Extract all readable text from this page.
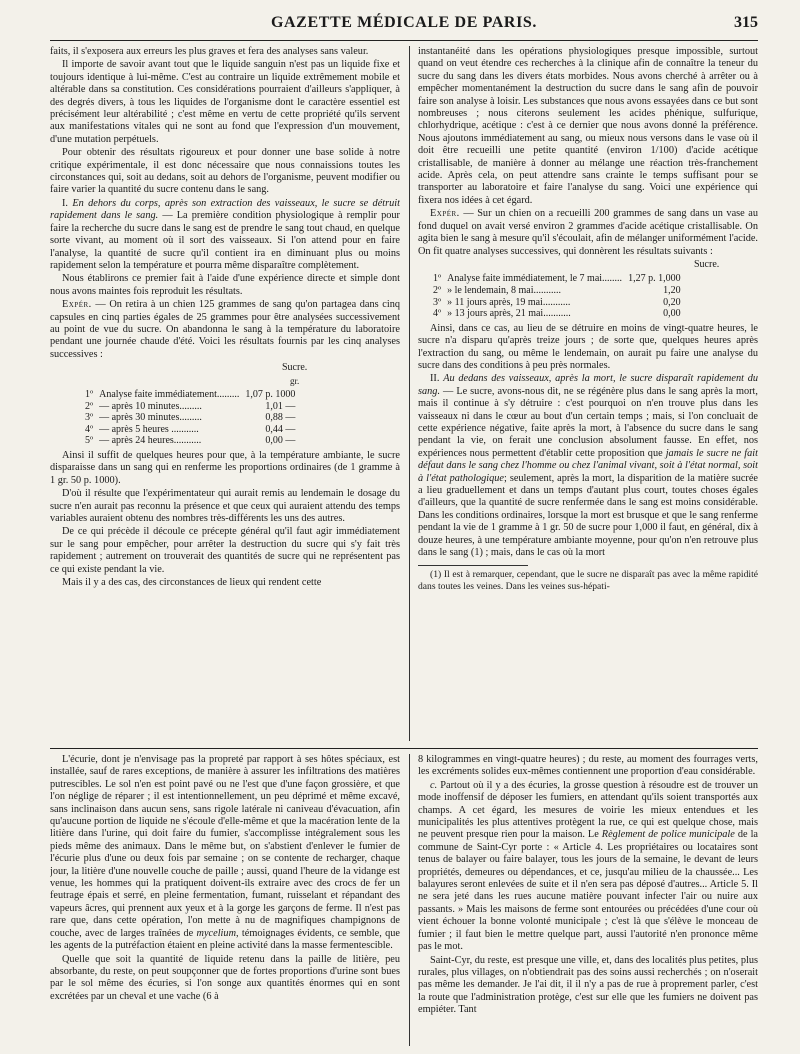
GAZETTE MÉDICALE DE PARIS.	315

faits, il s'exposera aux erreurs les plus graves et fera des analyses sans valeur.

Il importe de savoir avant tout que le liquide sanguin n'est pas un liquide fixe et toujours identique à lui-même. C'est au contraire un liquide extrêmement mobile et altérable dans sa constitution. Ces considérations pourraient d'ailleurs s'appliquer, à des degrés divers, à tous les liquides de l'organisme dont le caractère essentiel est précisément leur altérabilité ; c'est même en vertu de cette propriété qu'ils servent aux manifestations vitales qui ne sont au fond que l'expression d'un mouvement, d'une mutation perpétuels.

Pour obtenir des résultats rigoureux et pour donner une base solide à notre critique expérimentale, il est donc nécessaire que nous connaissions toutes les circonstances qui, soit au dedans, soit au dehors de l'organisme, peuvent modifier ou faire varier la quantité du sucre contenu dans le sang.

I. En dehors du corps, après son extraction des vaisseaux, le sucre se détruit rapidement dans le sang. — La première condition physiologique à remplir pour faire la recherche du sucre dans le sang est de prendre le sang tout chaud, en quelque sorte vivant, au moment où il sort des vaisseaux. Si l'on attend pour en faire l'analyse, la quantité de sucre qu'il contient ira en diminuant plus ou moins rapidement selon la température et pourra même disparaître complètement.

Nous établirons ce premier fait à l'aide d'une expérience directe et simple dont nous avons maintes fois reproduit les résultats.

Expér. — On retira à un chien 125 grammes de sang qu'on partagea dans cinq capsules en cinq parties égales de 25 grammes pour être analysées successivement au point de vue du sucre. On abandonna le sang à la température du laboratoire pendant une journée chaude d'été. Voici les résultats fournis par les cinq analyses successives :

Sucre.
gr.
1º	Analyse faite immédiatement.........	1,07 p. 1000
2º	— après 10 minutes.........	1,01 —
3º	— après 30 minutes.........	0,88 —
4º	— après 5 heures ...........	0,44 —
5º	— après 24 heures...........	0,00 —

Ainsi il suffit de quelques heures pour que, à la température ambiante, le sucre disparaisse dans un sang qui en renferme les proportions ordinaires (de 1 gramme à 1 gr. 50 p. 1000).

D'où il résulte que l'expérimentateur qui aurait remis au lendemain le dosage du sucre n'en aurait pas reconnu la présence et que ceux qui auraient attendu des temps variables auraient obtenu des nombres très-différents les uns des autres.

De ce qui précède il découle ce précepte général qu'il faut agir immédiatement sur le sang pour empêcher, pour arrêter la destruction du sucre qui s'y fait très rapidement ; autrement on trouverait des quantités de sucre qui ne représentent pas ce qui existe pendant la vie.

Mais il y a des cas, des circonstances de lieux qui rendent cette

instantanéité dans les opérations physiologiques presque impossible, surtout quand on veut étendre ces recherches à la clinique afin de connaître la teneur du sucre du sang dans les divers états morbides. Nous avons cherché à arrêter ou à empêcher momentanément la destruction du sucre dans le sang afin de pouvoir faire son analyse à loisir. Les substances que nous avons essayées dans ce but sont nombreuses ; nous citerons seulement les acides phénique, sulfurique, chlorhydrique, acétique : c'est à ce dernier que nous avons donné la préférence. Nous ajoutons immédiatement au sang, ou mieux nous versons dans le vase où il doit être recueilli une petite quantité (environ 1/100) d'acide acétique cristallisable, de manière à donner au mélange une réaction très-franchement acide. Après cela, on peut attendre sans crainte le temps suffisant pour se transporter au laboratoire et faire l'analyse du sang. Voici une expérience qui fixera nos idées à cet égard.

Expér. — Sur un chien on a recueilli 200 grammes de sang dans un vase au fond duquel on avait versé environ 2 grammes d'acide acétique cristallisable. On agita bien le sang à mesure qu'il s'écoulait, afin de mélanger uniformément l'acide. On fit quatre analyses successives, qui donnèrent les résultats suivants :

Sucre.
1º	Analyse faite immédiatement, le 7 mai........	1,27 p. 1,000
2º	» le lendemain, 8 mai...........	1,20
3º	» 11 jours après, 19 mai...........	0,20
4º	» 13 jours après, 21 mai...........	0,00

Ainsi, dans ce cas, au lieu de se détruire en moins de vingt-quatre heures, le sucre n'a disparu qu'après treize jours ; de sorte que, quelques heures après l'extraction du sang, ou même le lendemain, on aurait pu faire une analyse du sucre dans des conditions à peu près normales.

II. Au dedans des vaisseaux, après la mort, le sucre disparaît rapidement du sang. — Le sucre, avons-nous dit, ne se régénère plus dans le sang après la mort, mais il continue à s'y détruire : c'est pourquoi on n'en trouve plus dans les vaisseaux ni dans le cœur au bout d'un certain temps ; mais, si l'on concluait de cette expérience négative, faite après la mort, à l'absence du sucre dans le sang pendant la vie, on ferait une conclusion absolument fausse. En effet, nos expériences nous permettent d'établir cette proposition que jamais le sucre ne fait défaut dans le sang chez l'homme ou chez l'animal vivant, soit à l'état normal, soit à l'état pathologique; seulement, après la mort, la disparition de la matière sucrée a lieu graduellement et dans un temps d'autant plus court, toutes choses égales d'ailleurs, que la quantité de sucre renfermée dans le sang est moins considérable. Dans les conditions ordinaires, lorsque la mort est brusque et que le sang renferme pendant la vie de 1 gramme à 1 gr. 50 de sucre pour 1,000 il faut, en général, dix à douze heures, à une température ambiante moyenne, pour qu'on n'en retrouve plus dans le sang (1) ; mais, dans le cas où la mort

(1) Il est à remarquer, cependant, que le sucre ne disparaît pas avec la même rapidité dans toutes les veines. Dans les veines sus-hépati-

L'écurie, dont je n'envisage pas la propreté par rapport à ses hôtes spéciaux, est installée, sauf de rares exceptions, de manière à assurer les infiltrations des matières putrescibles. Le sol n'en est point pavé ou ne l'est que d'une façon grossière, et que l'on néglige de réparer ; il est intentionnellement, un peu déprimé et même excavé, sans inclinaison dans aucun sens, sans rigole latérale ni caniveau d'évacuation, afin qu'aucune portion de liquide ne s'écoule d'elle-même et que la macération lente de la litière dans l'urine, qui doit faire du fumier, s'accomplisse intégralement sous les pieds même des animaux. Dans le même but, on s'abstient d'enlever le fumier de l'écurie plus d'une ou deux fois par semaine ; on se contente de recharger, chaque jour, la litière d'une nouvelle couche de paille ; aussi, quand l'heure de la vidange est venue, les hommes qui la pratiquent doivent-ils extraire avec des crocs de fer un feutrage épais et serré, en pleine fermentation, fumant, ruisselant et répandant des vapeurs âcres, qui prennent aux yeux et à la gorge les garçons de ferme. Il n'est pas rare que, dans cette opération, l'on mette à nu de magnifiques champignons de couche, avec de larges traînées de mycelium, témoignages évidents, ce semble, que les agents de la putréfaction étaient en pleine activité dans la masse fermentescible.

Quelle que soit la quantité de liquide retenu dans la paille de litière, peu absorbante, du reste, on peut soupçonner que de fortes proportions d'urine sont bues par le sol même des écuries, si l'on songe aux quantités énormes qui en sont excrétées par un cheval et une vache (6 à

8 kilogrammes en vingt-quatre heures) ; du reste, au moment des fourrages verts, les excréments solides eux-mêmes contiennent une proportion d'eau considérable.

c. Partout où il y a des écuries, la grosse question à résoudre est de trouver un mode inoffensif de déposer les fumiers, en attendant qu'ils soient transportés aux champs. A cet égard, les mesures de voirie les mieux entendues et les municipalités les plus attentives protègent la rue, ce qui est quelque chose, mais ne peuvent presque rien pour la maison. Le Règlement de police municipale de la commune de Saint-Cyr porte : « Article 4. Les propriétaires ou locataires sont tenus de balayer ou faire balayer, tous les jours de la semaine, le devant de leurs propriétés, demeures ou dépendances, et ce, jusqu'au milieu de la chaussée... Les balayures seront enlevées de suite et il n'en sera pas déposé d'autres... Article 5. Il ne sera jeté dans les rues aucune matière pouvant infecter l'air ou nuire aux passants. » Mais les maisons de ferme sont entourées ou précédées d'une cour où vient échouer la bonne volonté municipale ; c'est là que s'élève le monceau de fumier ; il faut bien le mettre quelque part, aussi l'autorité n'en prononce même pas le mot.

Saint-Cyr, du reste, est presque une ville, et, dans des localités plus petites, plus rurales, plus villages, on n'obtiendrait pas des soins aussi recherchés ; on n'oserait pas même les demander. Je l'ai dit, il il n'y a pas de rue à proprement parler, c'est la route que l'administration protège, c'est sur elle que les fumiers ne doivent pas empiéter. Tant
